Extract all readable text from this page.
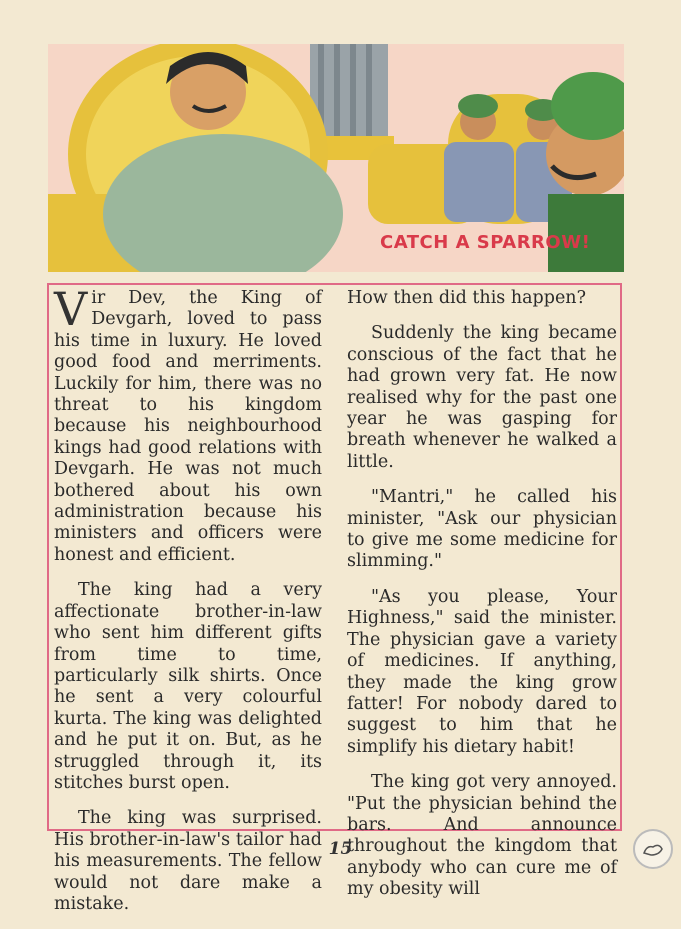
CATCH A SPARROW!

Vir Dev, the King of Devgarh, loved to pass his time in luxury. He loved good food and merriments. Luckily for him, there was no threat to his kingdom because his neighbourhood kings had good relations with Devgarh. He was not much bothered about his own administration because his ministers and officers were honest and efficient.

The king had a very affectionate brother-in-law who sent him different gifts from time to time, particularly silk shirts. Once he sent a very colourful kurta. The king was delighted and he put it on. But, as he struggled through it, its stitches burst open.

The king was surprised. His brother-in-law's tailor had his measurements. The fellow would not dare make a mistake.

How then did this happen?

Suddenly the king became conscious of the fact that he had grown very fat. He now realised why for the past one year he was gasping for breath whenever he walked a little.

"Mantri," he called his minister, "Ask our physician to give me some medicine for slimming."

"As you please, Your Highness," said the minister. The physician gave a variety of medicines. If anything, they made the king grow fatter! For nobody dared to suggest to him that he simplify his dietary habit!

The king got very annoyed. "Put the physician behind the bars. And announce throughout the kingdom that anybody who can cure me of my obesity will

15
